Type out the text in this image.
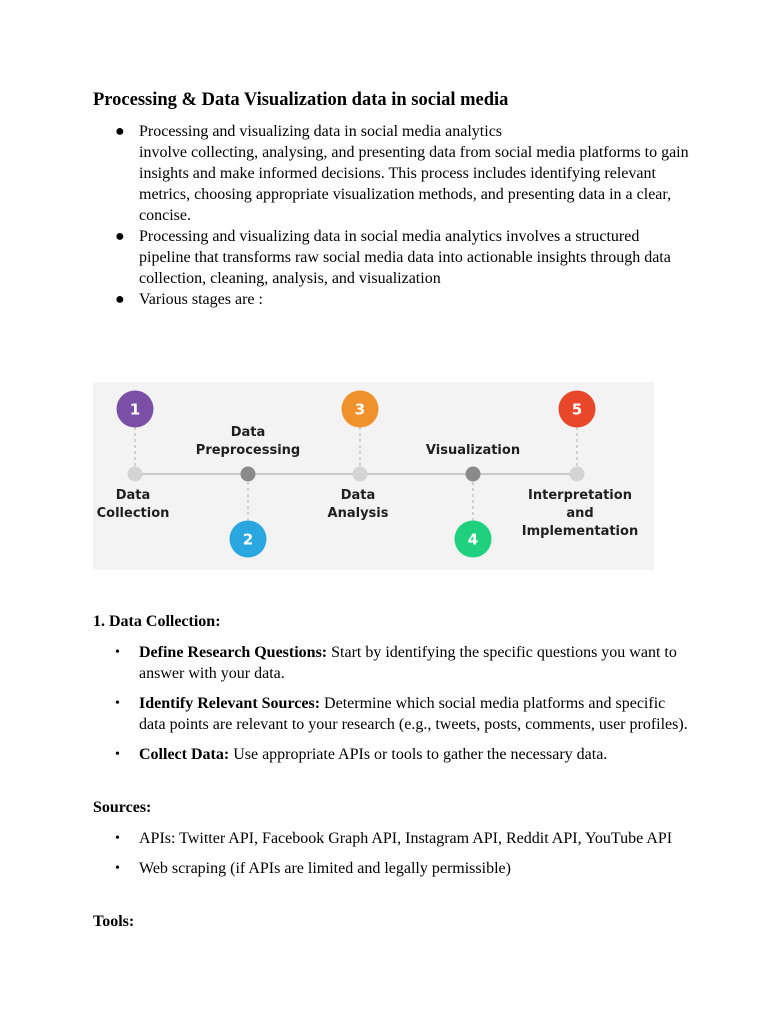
Processing & Data Visualization data in social media
● Processing and visualizing data in social media analytics
involve collecting, analysing, and presenting data from social media platforms to gain insights and make informed decisions. This process includes identifying relevant metrics, choosing appropriate visualization methods, and presenting data in a clear, concise.
● Processing and visualizing data in social media analytics involves a structured pipeline that transforms raw social media data into actionable insights through data collection, cleaning, analysis, and visualization
● Various stages are :
1
2
3
4
5
Data
Collection
Data
Preprocessing
Data
Analysis
Visualization
Interpretation and
Implementation
1. Data Collection:
• Define Research Questions: Start by identifying the specific questions you want to answer with your data.
• Identify Relevant Sources: Determine which social media platforms and specific data points are relevant to your research (e.g., tweets, posts, comments, user profiles).
• Collect Data: Use appropriate APIs or tools to gather the necessary data.

Sources:

• APIs: Twitter API, Facebook Graph API, Instagram API, Reddit API, YouTube API
• Web scraping (if APIs are limited and legally permissible)

Tools:
